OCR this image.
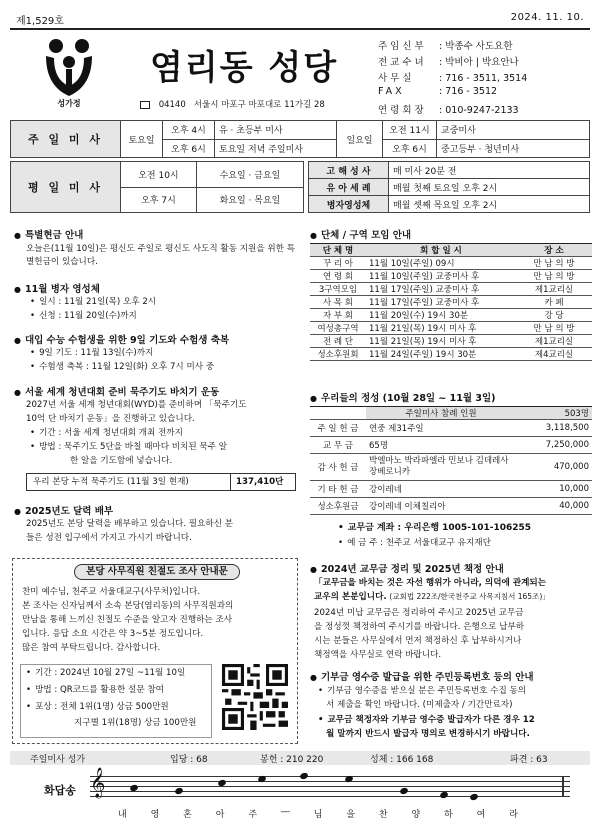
제1,529호	2024. 11. 10.
성가정
염리동 성당
04140 서울시 마포구 마포대로 11가길 28
주임신부 : 박종수 사도요한
전교수녀 : 박비아 | 박요안나
사무실 : 716 - 3511, 3514
FAX	: 716 - 3512
연령회장 : 010-9247-2133
주 일 미 사	토요일	오후 4시	유 · 초등부 미사	일요일	오전 11시	교중미사
		오후 6시	토요일 저녁 주일미사		오후 6시	중고등부 · 청년미사
평 일 미 사	오전 10시	수요일 · 금요일
	오후 7시	화요일 · 목요일
고 해 성 사	매 미사 20분 전
유 아 세 례	매월 첫째 토요일 오후 2시
병자영성체	매월 셋째 목요일 오후 2시
● 특별현금 안내
오늘은(11월 10일)은 평신도 주일로 평신도 사도직 활동 지원을 위한 특별헌금이 있습니다.
● 11월 병자 영성체
• 일시 : 11월 21일(목) 오후 2시
• 신청 : 11월 20일(수)까지
● 대입 수능 수험생을 위한 9일 기도와 수험생 축복
• 9일 기도 : 11월 13일(수)까지
• 수험생 축복 : 11월 12일(화) 오후 7시 미사 중
● 서울 세계 청년대회 준비 묵주기도 바치기 운동
2027년 서울 세계 청년대회(WYD)를 준비하며 「묵주기도
10억 단 바치기 운동」을 진행하고 있습니다.
• 기간 : 서울 세계 청년대회 개최 전까지
• 방법 : 묵주기도 5단을 바칠 때마다 비치된 묵주 알
한 알을 기도함에 넣습니다.
우리 본당 누적 묵주기도 (11월 3일 현재)	137,410단
● 2025년도 달력 배부
2025년도 본당 달력을 배부하고 있습니다. 필요하신 분
들은 성전 입구에서 가지고 가시기 바랍니다.
본당 사무직원 친절도 조사 안내문
찬미 예수님, 천주교 서울대교구(사무처)입니다.
본 조사는 신자님께서 소속 본당(염리동)의 사무직원과의
만남을 통해 느끼신 친절도 수준을 알고자 진행하는 조사
입니다. 응답 소요 시간은 약 3~5분 정도입니다.
많은 참여 부탁드립니다. 감사합니다.
• 기간 : 2024년 10월 27일 ~11월 10일
• 방법 : QR코드를 활용한 설문 참여
• 포상 : 전체 1위(1명) 상금 500만원
지구별 1위(18명) 상금 100만원
● 단체 / 구역 모임 안내
단 체 명	회 합 일 시	장 소
꾸 리 아	11월 10일(주일) 09시	만 남 의 방
연 령 회	11월 10일(주일) 교중미사 후	만 남 의 방
3구역모임	11월 17일(주일) 교중미사 후	제1교리실
사 목 회	11월 17일(주일) 교중미사 후	카 페
자 부 회	11월 20일(수) 19시 30분	강 당
여성총구역	11월 21일(목) 19시 미사 후	만 남 의 방
전 례 단	11월 21일(목) 19시 미사 후	제1교리실
성소후원회	11월 24일(주일) 19시 30분	제4교리실
● 우리들의 정성 (10월 28일 ~ 11월 3일)
	주일미사 참례 인원	503명
주 일 헌 금	연중 제31주일	3,118,500
교 무 금	65명	7,250,000
감 사 헌 금	박엘마노 박라파엘라 민보나 김데레사 장베로니카	470,000
기 타 헌 금	강이레네	10,000
성소후원금	강이레네 이체칠리아	40,000
• 교무금 계좌 : 우리은행 1005-101-106255
• 예 금 주 : 천주교 서울대교구 유지재단
● 2024년 교무금 정리 및 2025년 책정 안내
「교무금을 바치는 것은 자선 행위가 아니라, 의덕에 관계되는
교우의 본분입니다. (교회법 222조/한국천주교 사목지침서 165조)」
2024년 미납 교무금은 정리하여 주시고 2025년 교무금
을 정성껏 책정하여 주시기를 바랍니다. 은행으로 납부하
시는 분들은 사무실에서 먼저 책정하신 후 납부하시거나
책정액을 사무실로 연락 바랍니다.
● 기부금 영수증 발급을 위한 주민등록번호 등의 안내
• 기부금 영수증을 받으실 분은 주민등록번호 수집 동의
서 제출을 확인 바랍니다. (미제출자 / 기간만료자)
• 교무금 책정자와 기부금 영수증 발급자가 다른 경우 12
월 말까지 반드시 발급자 명의로 변경하시기 바랍니다.
주일미사 성가	입당 : 68	봉헌 : 210 220	성체 : 166 168	파견 : 63
화답송 𝄞
내	영	혼	아	주	―	님	을	찬	양	하	여	라
